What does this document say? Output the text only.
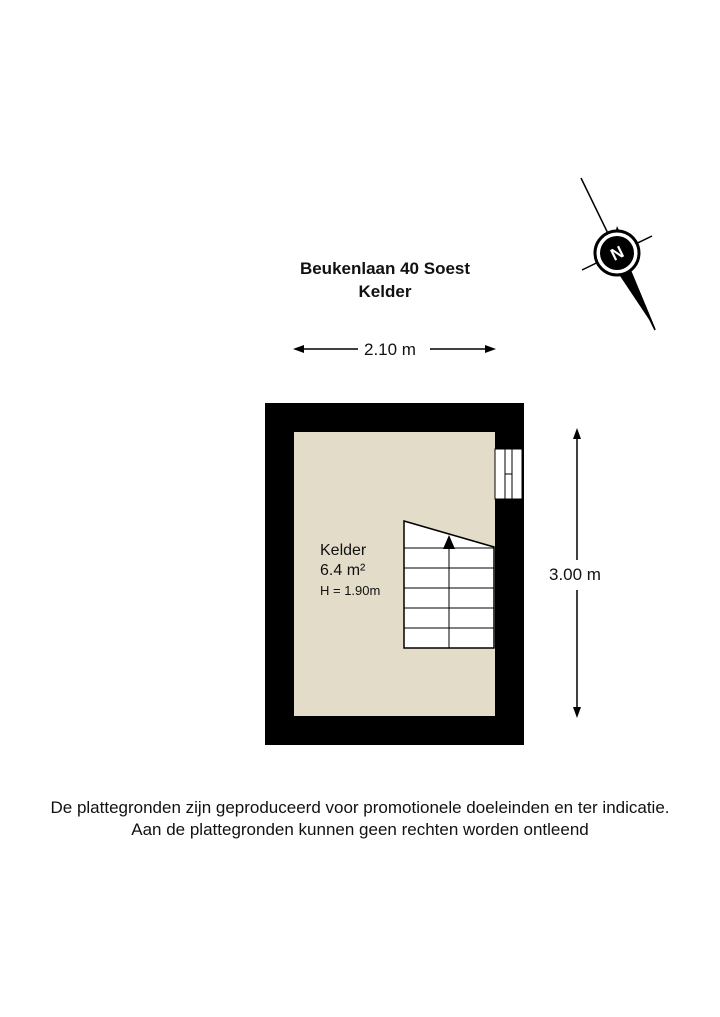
Beukenlaan 40 Soest
Kelder
N
2.10 m
3.00 m
Kelder
6.4 m²
H = 1.90m
De plattegronden zijn geproduceerd voor promotionele doeleinden en ter indicatie.
Aan de plattegronden kunnen geen rechten worden ontleend
